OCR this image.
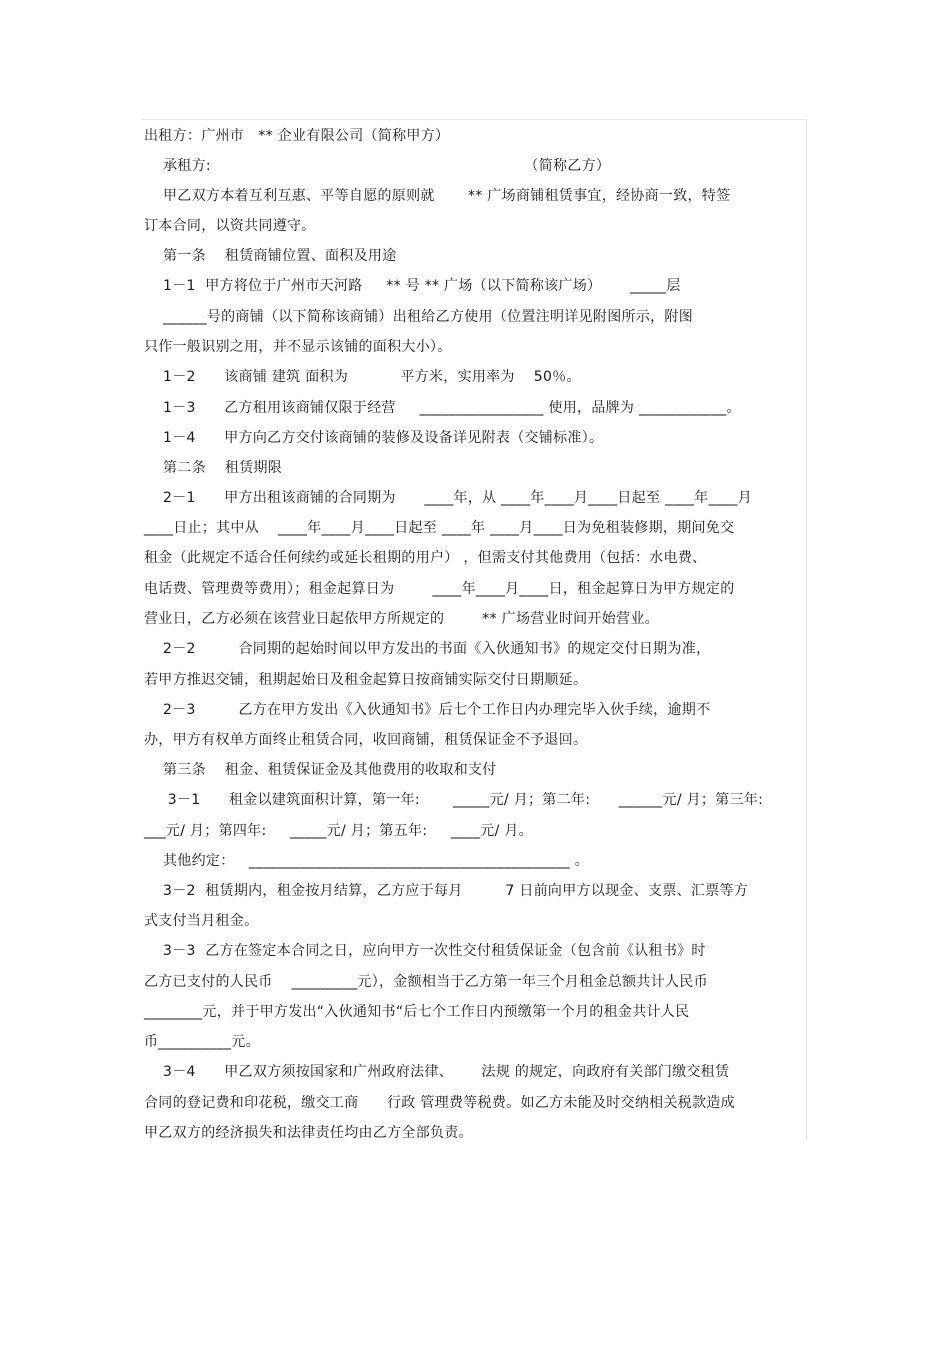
出租方：广州市   ** 企业有限公司（简称甲方）
承租方:                                                                  （简称乙方）
甲乙双方本着互利互惠、平等自愿的原则就       ** 广场商铺租赁事宜，经协商一致，特签
订本合同，以资共同遵守。
第一条    租赁商铺位置、面积及用途
1－1  甲方将位于广州市天河路     ** 号 ** 广场（以下简称该广场）      _____层
______号的商铺（以下简称该商铺）出租给乙方使用（位置注明详见附图所示，附图
只作一般识别之用，并不显示该铺的面积大小）。
1－2      该商铺 建筑 面积为           平方米，实用率为    50％。
1－3      乙方租用该商铺仅限于经营     _________________ 使用，品牌为 ____________。
1－4      甲方向乙方交付该商铺的装修及设备详见附表（交铺标准）。
第二条    租赁期限
2－1      甲方出租该商铺的合同期为      ____年，从 ____年____月____日起至 ____年____月
____日止；其中从    ____年____月____日起至 ____年 ____月____日为免租装修期，期间免交
租金（此规定不适合任何续约或延长租期的用户） ，但需支付其他费用（包括：水电费、
电话费、管理费等费用）；租金起算日为        ____年____月____日，租金起算日为甲方规定的
营业日，乙方必须在该营业日起依甲方所规定的        ** 广场营业时间开始营业。
2－2         合同期的起始时间以甲方发出的书面《入伙通知书》的规定交付日期为准，
若甲方推迟交铺，租期起始日及租金起算日按商铺实际交付日期顺延。
2－3         乙方在甲方发出《入伙通知书》后七个工作日内办理完毕入伙手续，逾期不
办，甲方有权单方面终止租赁合同，收回商铺，租赁保证金不予退回。
第三条    租金、租赁保证金及其他费用的收取和支付
3－1      租金以建筑面积计算，第一年:       _____元/ 月；第二年:      ______元/ 月；第三年:
___元/ 月；第四年:     _____元/ 月；第五年:     ____元/ 月。
其他约定：   ____________________________________________ 。
3－2  租赁期内，租金按月结算，乙方应于每月         7 日前向甲方以现金、支票、汇票等方
式支付当月租金。
3－3  乙方在签定本合同之日，应向甲方一次性交付租赁保证金（包含前《认租书》时
乙方已支付的人民币    _________元），金额相当于乙方第一年三个月租金总额共计人民币
________元，并于甲方发出“入伙通知书“后七个工作日内预缴第一个月的租金共计人民
币__________元。
3－4      甲乙双方须按国家和广州政府法律、      法规 的规定，向政府有关部门缴交租赁
合同的登记费和印花税，缴交工商      行政 管理费等税费。如乙方未能及时交纳相关税款造成
甲乙双方的经济损失和法律责任均由乙方全部负责。
